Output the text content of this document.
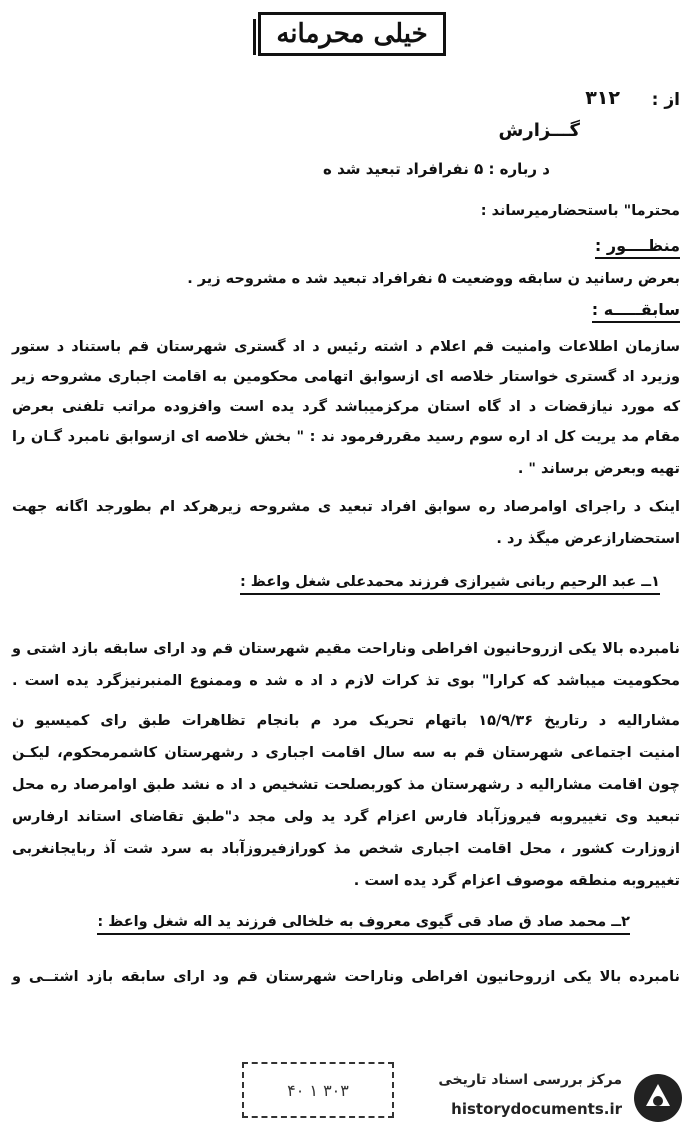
خیلی محرمانه
از :
۳۱۲
گـــزارش
د رباره : ۵ نفرافراد تبعید شد ه
محترما" باستحضارمیرساند :
منظــــور :
بعرض رسانید ن سابقه ووضعیت ۵ نفرافراد تبعید شد ه مشروحه زیر .
سابقـــــه :
سازمان اطلاعات وامنیت قم اعلام د اشته رئیس د اد گستری شهرستان قم باستناد د ستور
وزیرد اد گستری خواستار خلاصه ای ازسوابق اتهامی محکومین به اقامت اجباری مشروحه زیر
که مورد نیازقضات د اد گاه استان مرکزمیباشد گرد یده است وافزوده مراتب تلفنی بعرض
مقام مد یریت کل اد اره سوم رسید مقررفرمود ند : " بخش خلاصه ای ازسوابق نامبرد گـان را
تهیه وبعرض برساند " .
اینک د راجرای اوامرصاد ره سوابق افراد تبعید ی مشروحه زیرهرکد ام بطورجد اگانه جهت
استحضارازعرض میگذ رد .
۱ــ عبد الرحیم ربانی شیرازی فرزند محمدعلی شغل واعظ :
نامبرده بالا یکی ازروحانیون افراطی وناراحت مقیم شهرستان قم ود ارای سابقه بازد اشتی و
محکومیت میباشد که کرارا" بوی تذ کرات لازم د اد ه شد ه وممنوع المنبرنیزگرد یده است .
مشارالیه د رتاریخ ۱۵/۹/۳۶ باتهام تحریک مرد م بانجام تظاهرات طبق رای کمیسیو ن
امنیت اجتماعی شهرستان قم به سه سال اقامت اجباری د رشهرستان کاشمرمحکوم، لیکـن
چون اقامت مشارالیه د رشهرستان مذ کوربصلحت تشخیص د اد ه نشد طبق اوامرصاد ره محل
تبعید وی تغییروبه فیروزآباد فارس اعزام گرد ید ولی مجد د"طبق تقاضای استاند ارفارس
ازوزارت کشور ، محل اقامت اجباری شخص مذ کورازفیروزآباد به سرد شت آذ ربایجانغربی
تغییروبه منطقه موصوف اعزام گرد یده است .
۲ــ محمد صاد ق صاد قی گیوی معروف به خلخالی فرزند ید اله شغل واعظ :
نامبرده بالا یکی ازروحانیون افراطی وناراحت شهرستان قم ود ارای سابقه بازد اشتــی و
۴۰ ۱ ۳۰۳
مرکز بررسی اسناد تاریخی
historydocuments.ir
